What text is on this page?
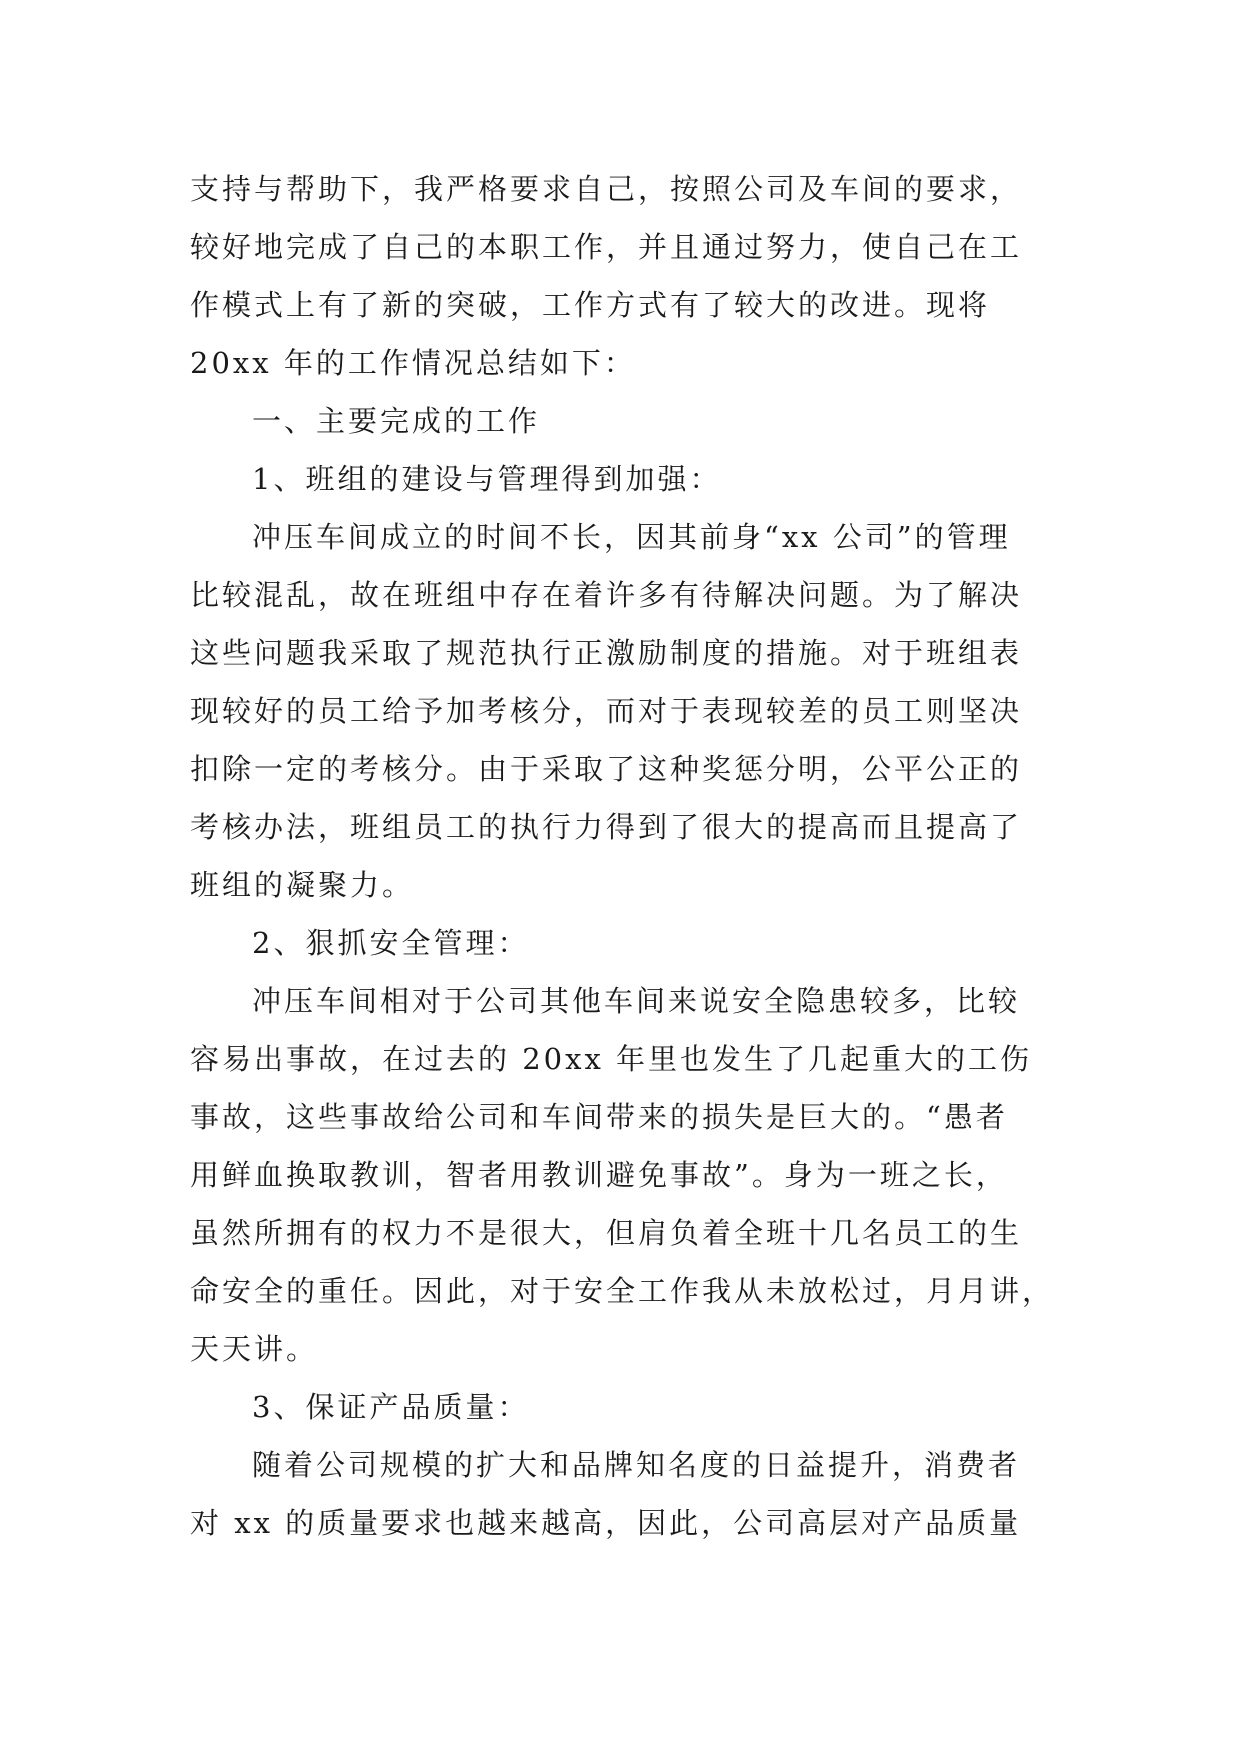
支持与帮助下，我严格要求自己，按照公司及车间的要求，
较好地完成了自己的本职工作，并且通过努力，使自己在工
作模式上有了新的突破，工作方式有了较大的改进。现将
20xx 年的工作情况总结如下：
一、主要完成的工作
1、班组的建设与管理得到加强：
冲压车间成立的时间不长，因其前身“xx 公司”的管理
比较混乱，故在班组中存在着许多有待解决问题。为了解决
这些问题我采取了规范执行正激励制度的措施。对于班组表
现较好的员工给予加考核分，而对于表现较差的员工则坚决
扣除一定的考核分。由于采取了这种奖惩分明，公平公正的
考核办法，班组员工的执行力得到了很大的提高而且提高了
班组的凝聚力。
2、狠抓安全管理：
冲压车间相对于公司其他车间来说安全隐患较多，比较
容易出事故，在过去的 20xx 年里也发生了几起重大的工伤
事故，这些事故给公司和车间带来的损失是巨大的。“愚者
用鲜血换取教训，智者用教训避免事故”。身为一班之长，
虽然所拥有的权力不是很大，但肩负着全班十几名员工的生
命安全的重任。因此，对于安全工作我从未放松过，月月讲，
天天讲。
3、保证产品质量：
随着公司规模的扩大和品牌知名度的日益提升，消费者
对 xx 的质量要求也越来越高，因此，公司高层对产品质量
